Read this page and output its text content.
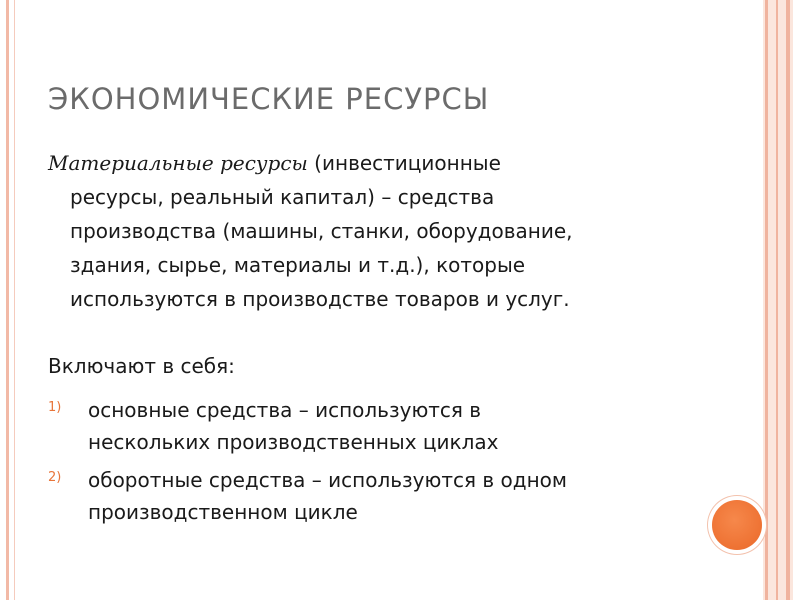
ЭКОНОМИЧЕСКИЕ РЕСУРСЫ
Материальные ресурсы (инвестиционные
ресурсы, реальный капитал) – средства
производства (машины, станки, оборудование,
здания, сырье, материалы и т.д.), которые
используются в производстве товаров и услуг.
Включают в себя:
1) основные средства – используются в
нескольких производственных циклах
2) оборотные средства – используются в одном
производственном цикле
